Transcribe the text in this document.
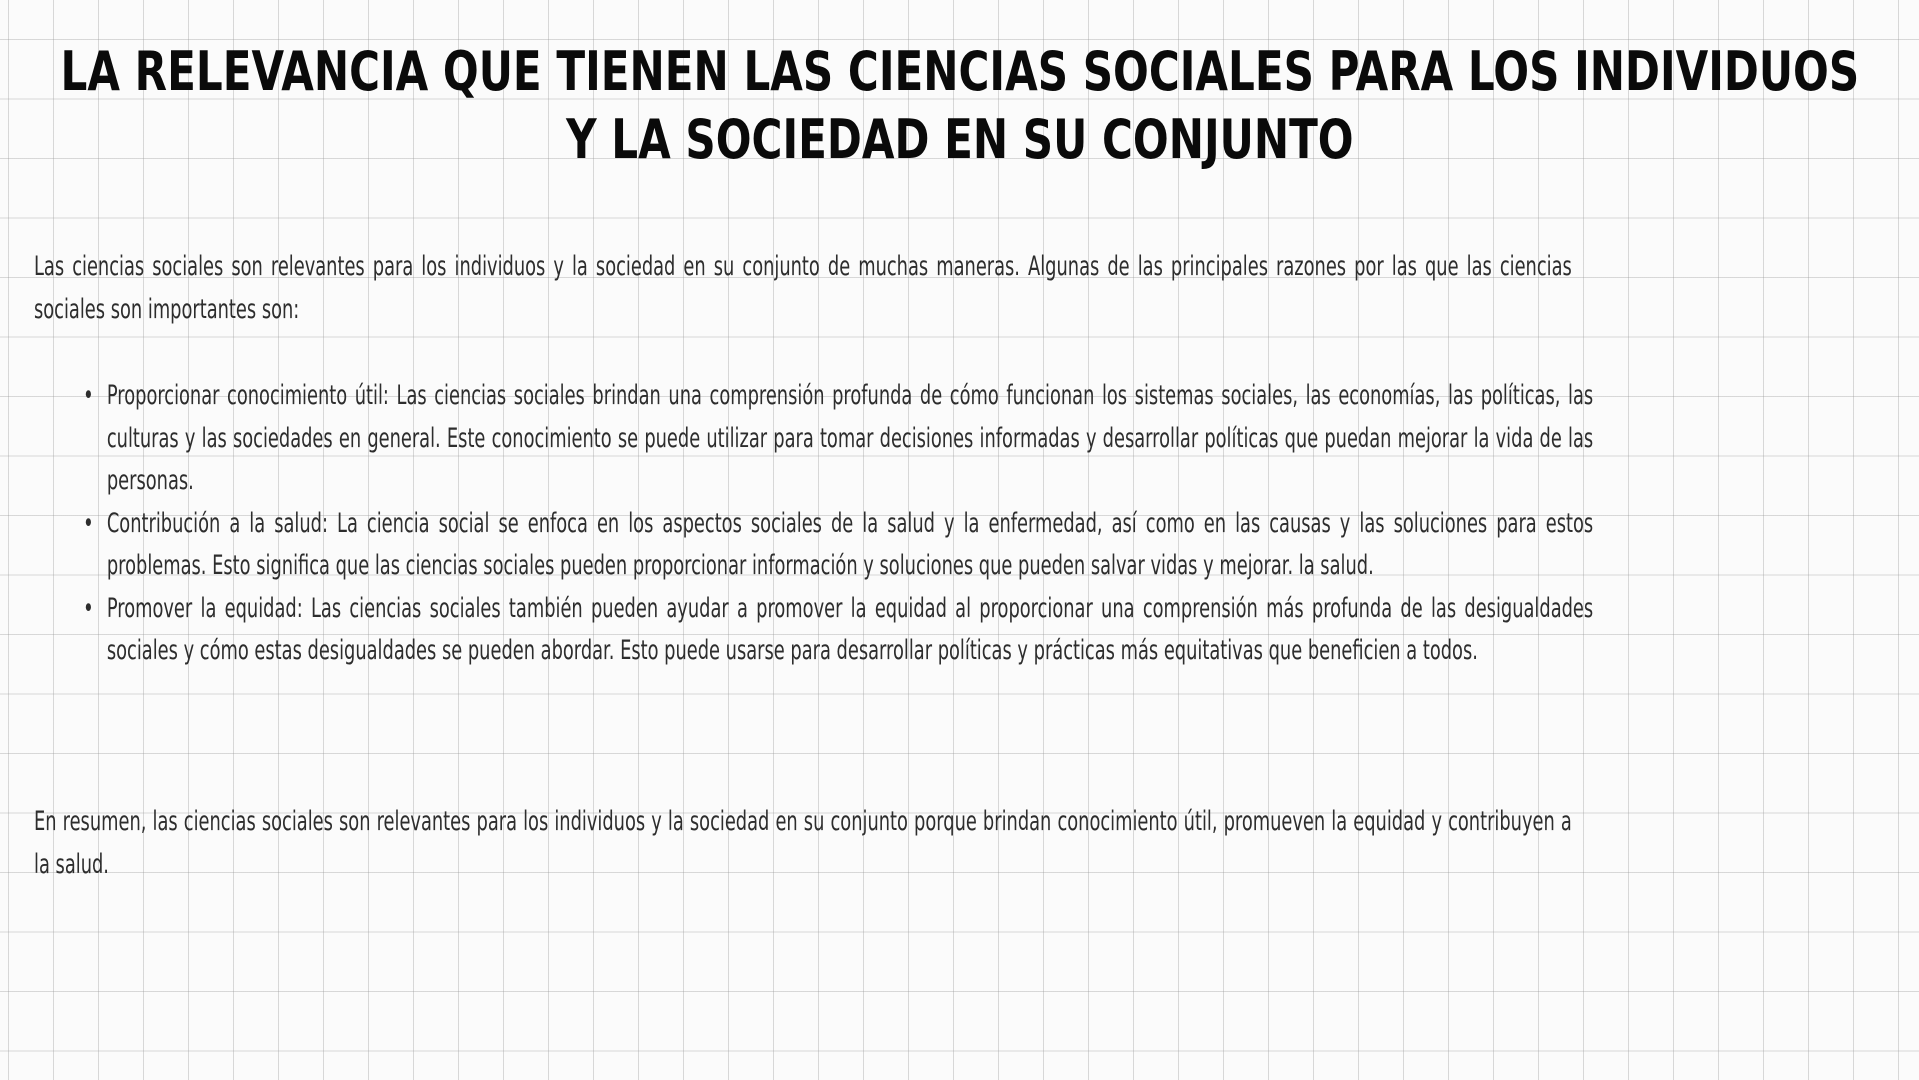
LA RELEVANCIA QUE TIENEN LAS CIENCIAS SOCIALES PARA LOS INDIVIDUOS Y LA SOCIEDAD EN SU CONJUNTO

Las ciencias sociales son relevantes para los individuos y la sociedad en su conjunto de muchas maneras. Algunas de las principales razones por las que las ciencias sociales son importantes son:

• Proporcionar conocimiento útil: Las ciencias sociales brindan una comprensión profunda de cómo funcionan los sistemas sociales, las economías, las políticas, las culturas y las sociedades en general. Este conocimiento se puede utilizar para tomar decisiones informadas y desarrollar políticas que puedan mejorar la vida de las personas.
• Contribución a la salud: La ciencia social se enfoca en los aspectos sociales de la salud y la enfermedad, así como en las causas y las soluciones para estos problemas. Esto significa que las ciencias sociales pueden proporcionar información y soluciones que pueden salvar vidas y mejorar. la salud.
• Promover la equidad: Las ciencias sociales también pueden ayudar a promover la equidad al proporcionar una comprensión más profunda de las desigualdades sociales y cómo estas desigualdades se pueden abordar. Esto puede usarse para desarrollar políticas y prácticas más equitativas que beneficien a todos.

En resumen, las ciencias sociales son relevantes para los individuos y la sociedad en su conjunto porque brindan conocimiento útil, promueven la equidad y contribuyen a la salud.
